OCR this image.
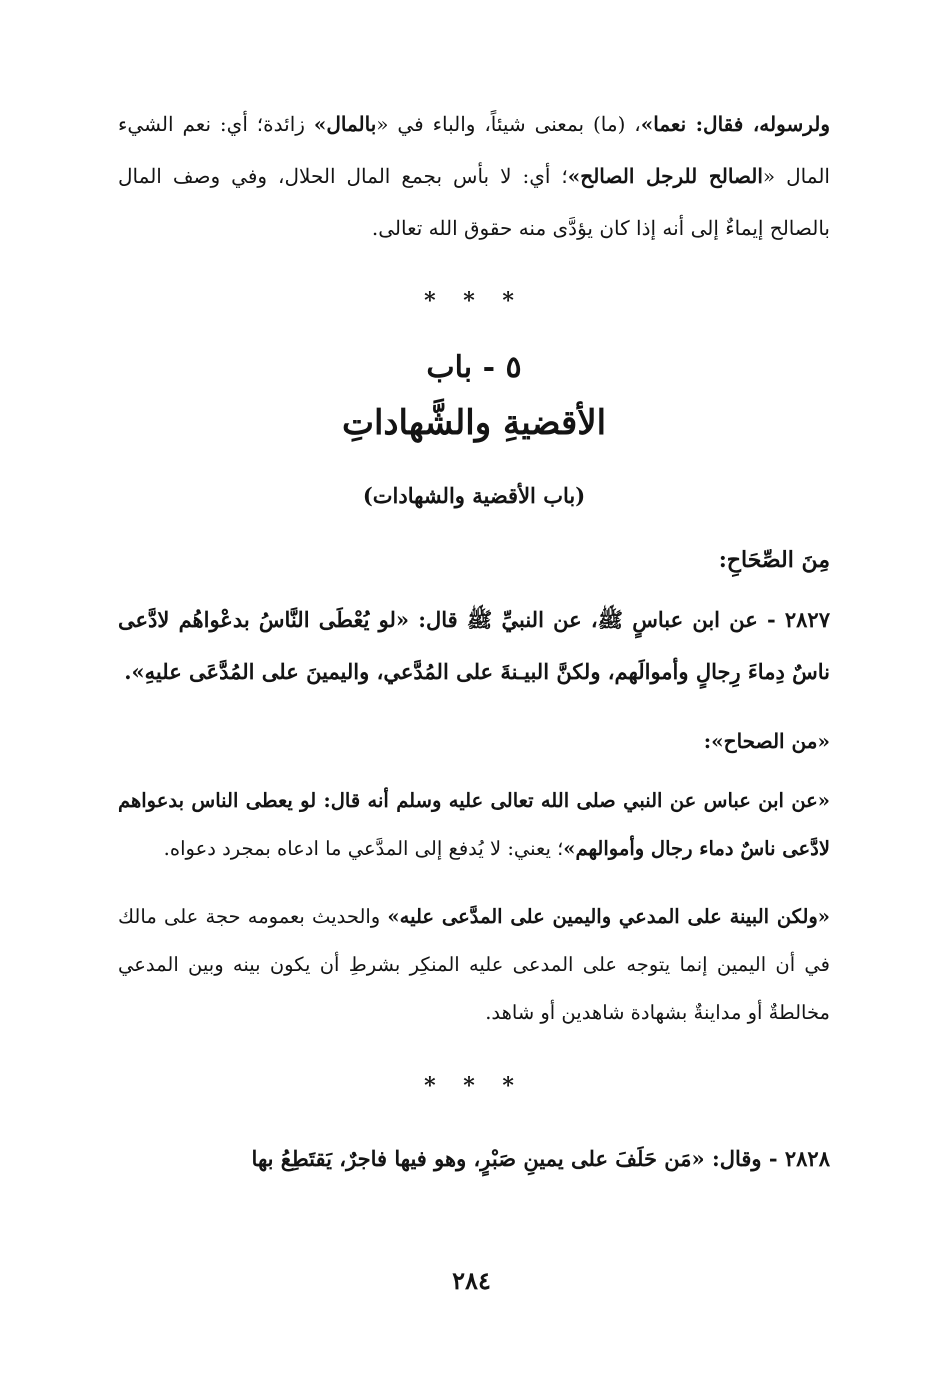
ولرسوله، فقال: نعما»، (ما) بمعنى شيئاً، والباء في «بالمال» زائدة؛ أي: نعم الشيء المال «الصالح للرجل الصالح»؛ أي: لا بأس بجمع المال الحلال، وفي وصف المال بالصالح إيماءٌ إلى أنه إذا كان يؤدَّى منه حقوق الله تعالى.

* * *
٥ - باب
الأقضيةِ والشَّهاداتِ
(باب الأقضية والشهادات)
مِنَ الصِّحَاحِ:

٢٨٢٧ - عن ابن عباسٍ ﷺ، عن النبيِّ ﷺ قال: «لو يُعْطَى النَّاسُ بدعْواهُم لادَّعى ناسٌ دِماءَ رِجالٍ وأموالَهم، ولكنَّ البيـنةَ على المُدَّعي، واليمينَ على المُدَّعَى عليهِ».

«من الصحاح»:

«عن ابن عباس عن النبي صلى الله تعالى عليه وسلم أنه قال: لو يعطى الناس بدعواهم لادَّعى ناسٌ دماء رجال وأموالهم»؛ يعني: لا يُدفع إلى المدَّعي ما ادعاه بمجرد دعواه.

«ولكن البينة على المدعي واليمين على المدَّعى عليه» والحديث بعمومه حجة على مالك في أن اليمين إنما يتوجه على المدعى عليه المنكِر بشرطِ أن يكون بينه وبين المدعي مخالطةٌ أو مداينةٌ بشهادة شاهدين أو شاهد.

* * *

٢٨٢٨ - وقال: «مَن حَلَفَ على يمينِ صَبْرٍ، وهو فيها فاجرٌ، يَقتَطِعُ بها

٢٨٤
